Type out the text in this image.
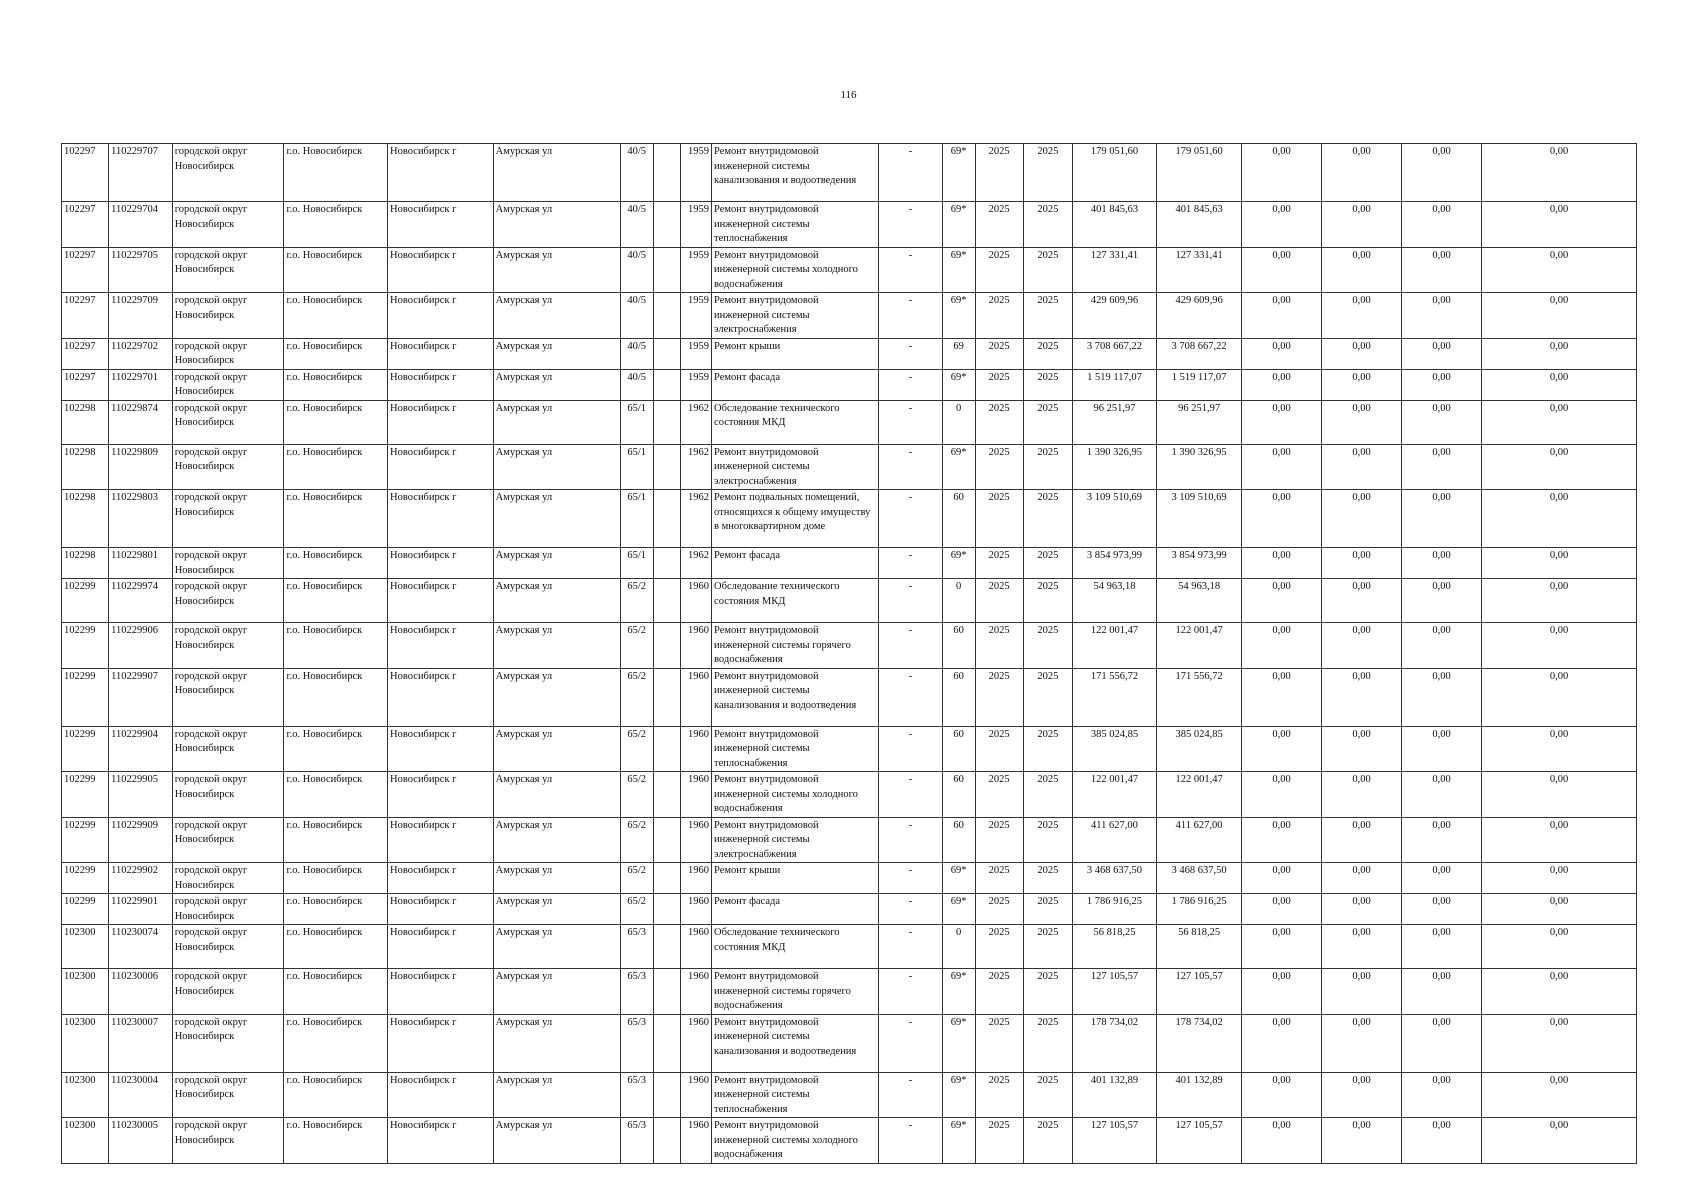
116
102297	110229707	городской округ Новосибирск	г.о. Новосибирск	Новосибирск г	Амурская ул	40/5		1959	Ремонт внутридомовой инженерной системы канализования и водоотведения	-	69*	2025	2025	179 051,60	179 051,60	0,00	0,00	0,00	0,00	
102297	110229704	городской округ Новосибирск	г.о. Новосибирск	Новосибирск г	Амурская ул	40/5		1959	Ремонт внутридомовой инженерной системы теплоснабжения	-	69*	2025	2025	401 845,63	401 845,63	0,00	0,00	0,00	0,00	
102297	110229705	городской округ Новосибирск	г.о. Новосибирск	Новосибирск г	Амурская ул	40/5		1959	Ремонт внутридомовой инженерной системы холодного водоснабжения	-	69*	2025	2025	127 331,41	127 331,41	0,00	0,00	0,00	0,00	
102297	110229709	городской округ Новосибирск	г.о. Новосибирск	Новосибирск г	Амурская ул	40/5		1959	Ремонт внутридомовой инженерной системы электроснабжения	-	69*	2025	2025	429 609,96	429 609,96	0,00	0,00	0,00	0,00	
102297	110229702	городской округ Новосибирск	г.о. Новосибирск	Новосибирск г	Амурская ул	40/5		1959	Ремонт крыши	-	69	2025	2025	3 708 667,22	3 708 667,22	0,00	0,00	0,00	0,00	
102297	110229701	городской округ Новосибирск	г.о. Новосибирск	Новосибирск г	Амурская ул	40/5		1959	Ремонт фасада	-	69*	2025	2025	1 519 117,07	1 519 117,07	0,00	0,00	0,00	0,00	
102298	110229874	городской округ Новосибирск	г.о. Новосибирск	Новосибирск г	Амурская ул	65/1		1962	Обследование технического состояния МКД	-	0	2025	2025	96 251,97	96 251,97	0,00	0,00	0,00	0,00	
102298	110229809	городской округ Новосибирск	г.о. Новосибирск	Новосибирск г	Амурская ул	65/1		1962	Ремонт внутридомовой инженерной системы электроснабжения	-	69*	2025	2025	1 390 326,95	1 390 326,95	0,00	0,00	0,00	0,00	
102298	110229803	городской округ Новосибирск	г.о. Новосибирск	Новосибирск г	Амурская ул	65/1		1962	Ремонт подвальных помещений, относящихся к общему имуществу в многоквартирном доме	-	60	2025	2025	3 109 510,69	3 109 510,69	0,00	0,00	0,00	0,00	
102298	110229801	городской округ Новосибирск	г.о. Новосибирск	Новосибирск г	Амурская ул	65/1		1962	Ремонт фасада	-	69*	2025	2025	3 854 973,99	3 854 973,99	0,00	0,00	0,00	0,00	
102299	110229974	городской округ Новосибирск	г.о. Новосибирск	Новосибирск г	Амурская ул	65/2		1960	Обследование технического состояния МКД	-	0	2025	2025	54 963,18	54 963,18	0,00	0,00	0,00	0,00	
102299	110229906	городской округ Новосибирск	г.о. Новосибирск	Новосибирск г	Амурская ул	65/2		1960	Ремонт внутридомовой инженерной системы горячего водоснабжения	-	60	2025	2025	122 001,47	122 001,47	0,00	0,00	0,00	0,00	
102299	110229907	городской округ Новосибирск	г.о. Новосибирск	Новосибирск г	Амурская ул	65/2		1960	Ремонт внутридомовой инженерной системы канализования и водоотведения	-	60	2025	2025	171 556,72	171 556,72	0,00	0,00	0,00	0,00	
102299	110229904	городской округ Новосибирск	г.о. Новосибирск	Новосибирск г	Амурская ул	65/2		1960	Ремонт внутридомовой инженерной системы теплоснабжения	-	60	2025	2025	385 024,85	385 024,85	0,00	0,00	0,00	0,00	
102299	110229905	городской округ Новосибирск	г.о. Новосибирск	Новосибирск г	Амурская ул	65/2		1960	Ремонт внутридомовой инженерной системы холодного водоснабжения	-	60	2025	2025	122 001,47	122 001,47	0,00	0,00	0,00	0,00	
102299	110229909	городской округ Новосибирск	г.о. Новосибирск	Новосибирск г	Амурская ул	65/2		1960	Ремонт внутридомовой инженерной системы электроснабжения	-	60	2025	2025	411 627,00	411 627,00	0,00	0,00	0,00	0,00	
102299	110229902	городской округ Новосибирск	г.о. Новосибирск	Новосибирск г	Амурская ул	65/2		1960	Ремонт крыши	-	69*	2025	2025	3 468 637,50	3 468 637,50	0,00	0,00	0,00	0,00	
102299	110229901	городской округ Новосибирск	г.о. Новосибирск	Новосибирск г	Амурская ул	65/2		1960	Ремонт фасада	-	69*	2025	2025	1 786 916,25	1 786 916,25	0,00	0,00	0,00	0,00	
102300	110230074	городской округ Новосибирск	г.о. Новосибирск	Новосибирск г	Амурская ул	65/3		1960	Обследование технического состояния МКД	-	0	2025	2025	56 818,25	56 818,25	0,00	0,00	0,00	0,00	
102300	110230006	городской округ Новосибирск	г.о. Новосибирск	Новосибирск г	Амурская ул	65/3		1960	Ремонт внутридомовой инженерной системы горячего водоснабжения	-	69*	2025	2025	127 105,57	127 105,57	0,00	0,00	0,00	0,00	
102300	110230007	городской округ Новосибирск	г.о. Новосибирск	Новосибирск г	Амурская ул	65/3		1960	Ремонт внутридомовой инженерной системы канализования и водоотведения	-	69*	2025	2025	178 734,02	178 734,02	0,00	0,00	0,00	0,00	
102300	110230004	городской округ Новосибирск	г.о. Новосибирск	Новосибирск г	Амурская ул	65/3		1960	Ремонт внутридомовой инженерной системы теплоснабжения	-	69*	2025	2025	401 132,89	401 132,89	0,00	0,00	0,00	0,00	
102300	110230005	городской округ Новосибирск	г.о. Новосибирск	Новосибирск г	Амурская ул	65/3		1960	Ремонт внутридомовой инженерной системы холодного водоснабжения	-	69*	2025	2025	127 105,57	127 105,57	0,00	0,00	0,00	0,00	
